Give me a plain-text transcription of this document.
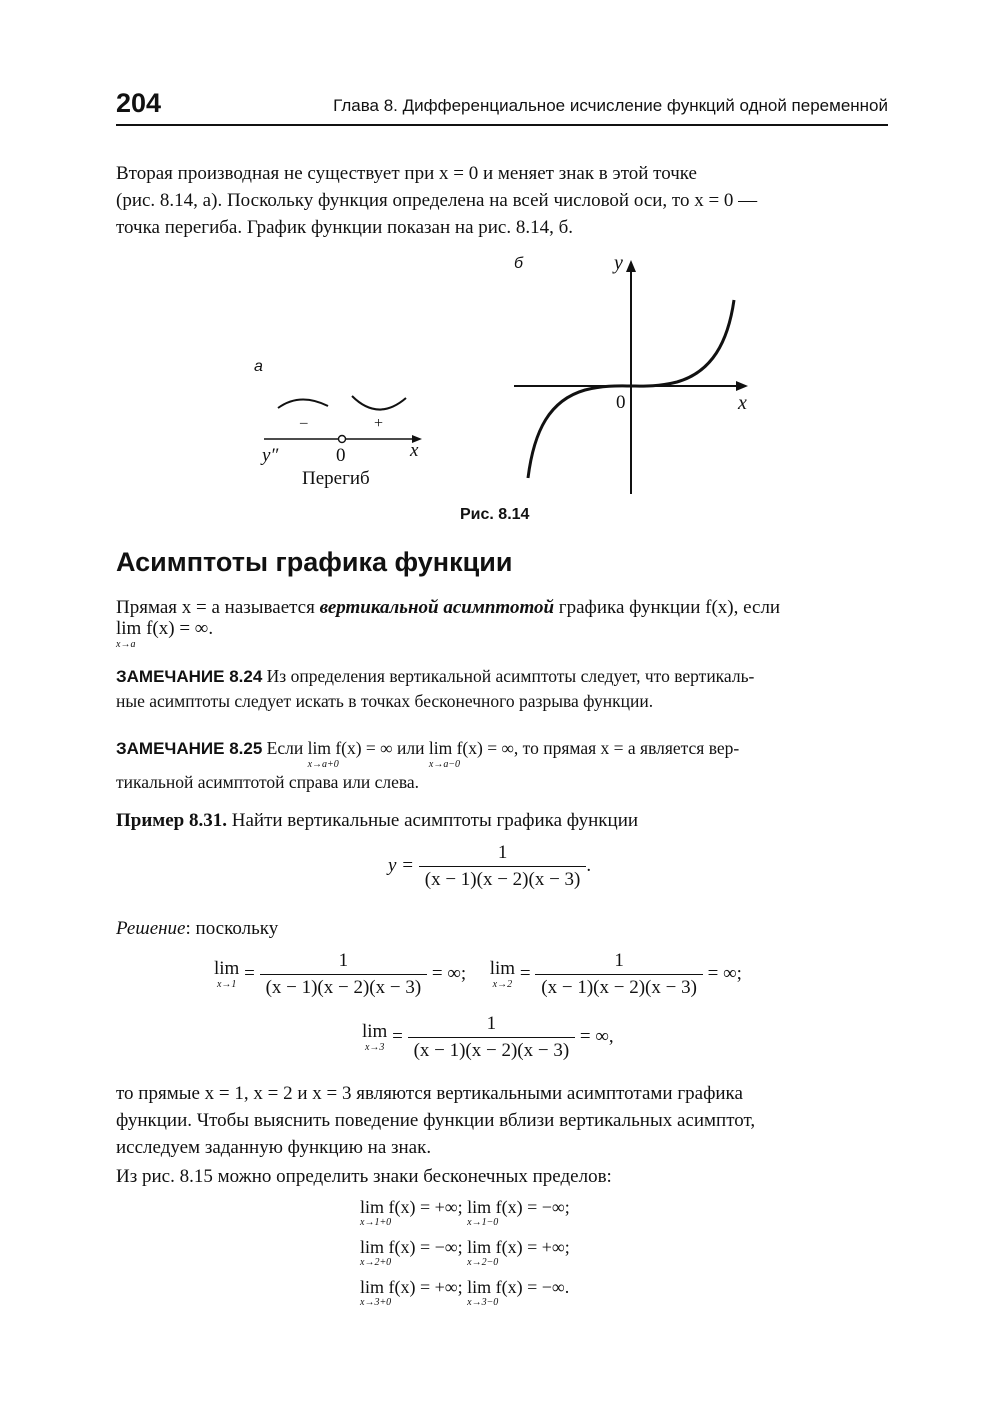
204	Глава 8. Дифференциальное исчисление функций одной переменной
Вторая производная не существует при x = 0 и меняет знак в этой точке
(рис. 8.14, а). Поскольку функция определена на всей числовой оси, то x = 0 —
точка перегиба. График функции показан на рис. 8.14, б.
а
б
–	+
y″	0	x
Перегиб
y
x
0
Рис. 8.14
Асимптоты графика функции
Прямая x = a называется вертикальной асимптотой графика функции f(x), если
lim f(x) = ∞.
x→a
ЗАМЕЧАНИЕ 8.24 Из определения вертикальной асимптоты следует, что вертикаль-
ные асимптоты следует искать в точках бесконечного разрыва функции.
ЗАМЕЧАНИЕ 8.25 Если lim f(x) = ∞
x→a+0
или lim f(x) = ∞,
x→a−0
то прямая x = a является вер-
тикальной асимптотой справа или слева.
Пример 8.31. Найти вертикальные асимптоты графика функции
$y = \frac{1}{(x - 1)(x - 2)(x - 3)}$ .
Решение: поскольку
lim
x→1
= $\frac{1}{(x - 1)(x - 2)(x - 3)}$ = ∞; lim
x→2
= $\frac{1}{(x - 1)(x - 2)(x - 3)}$ = ∞;
lim
x→3
= $\frac{1}{(x - 1)(x - 2)(x - 3)}$ = ∞,
то прямые x = 1, x = 2 и x = 3 являются вертикальными асимптотами графика
функции. Чтобы выяснить поведение функции вблизи вертикальных асимптот,
исследуем заданную функцию на знак.
Из рис. 8.15 можно определить знаки бесконечных пределов:
lim f(x) = +∞;
x→1+0

lim f(x) = −∞;
x→1−0
lim f(x) = −∞;
x→2+0

lim f(x) = +∞;
x→2−0
lim f(x) = +∞;
x→3+0

lim f(x) = −∞.
x→3−0
